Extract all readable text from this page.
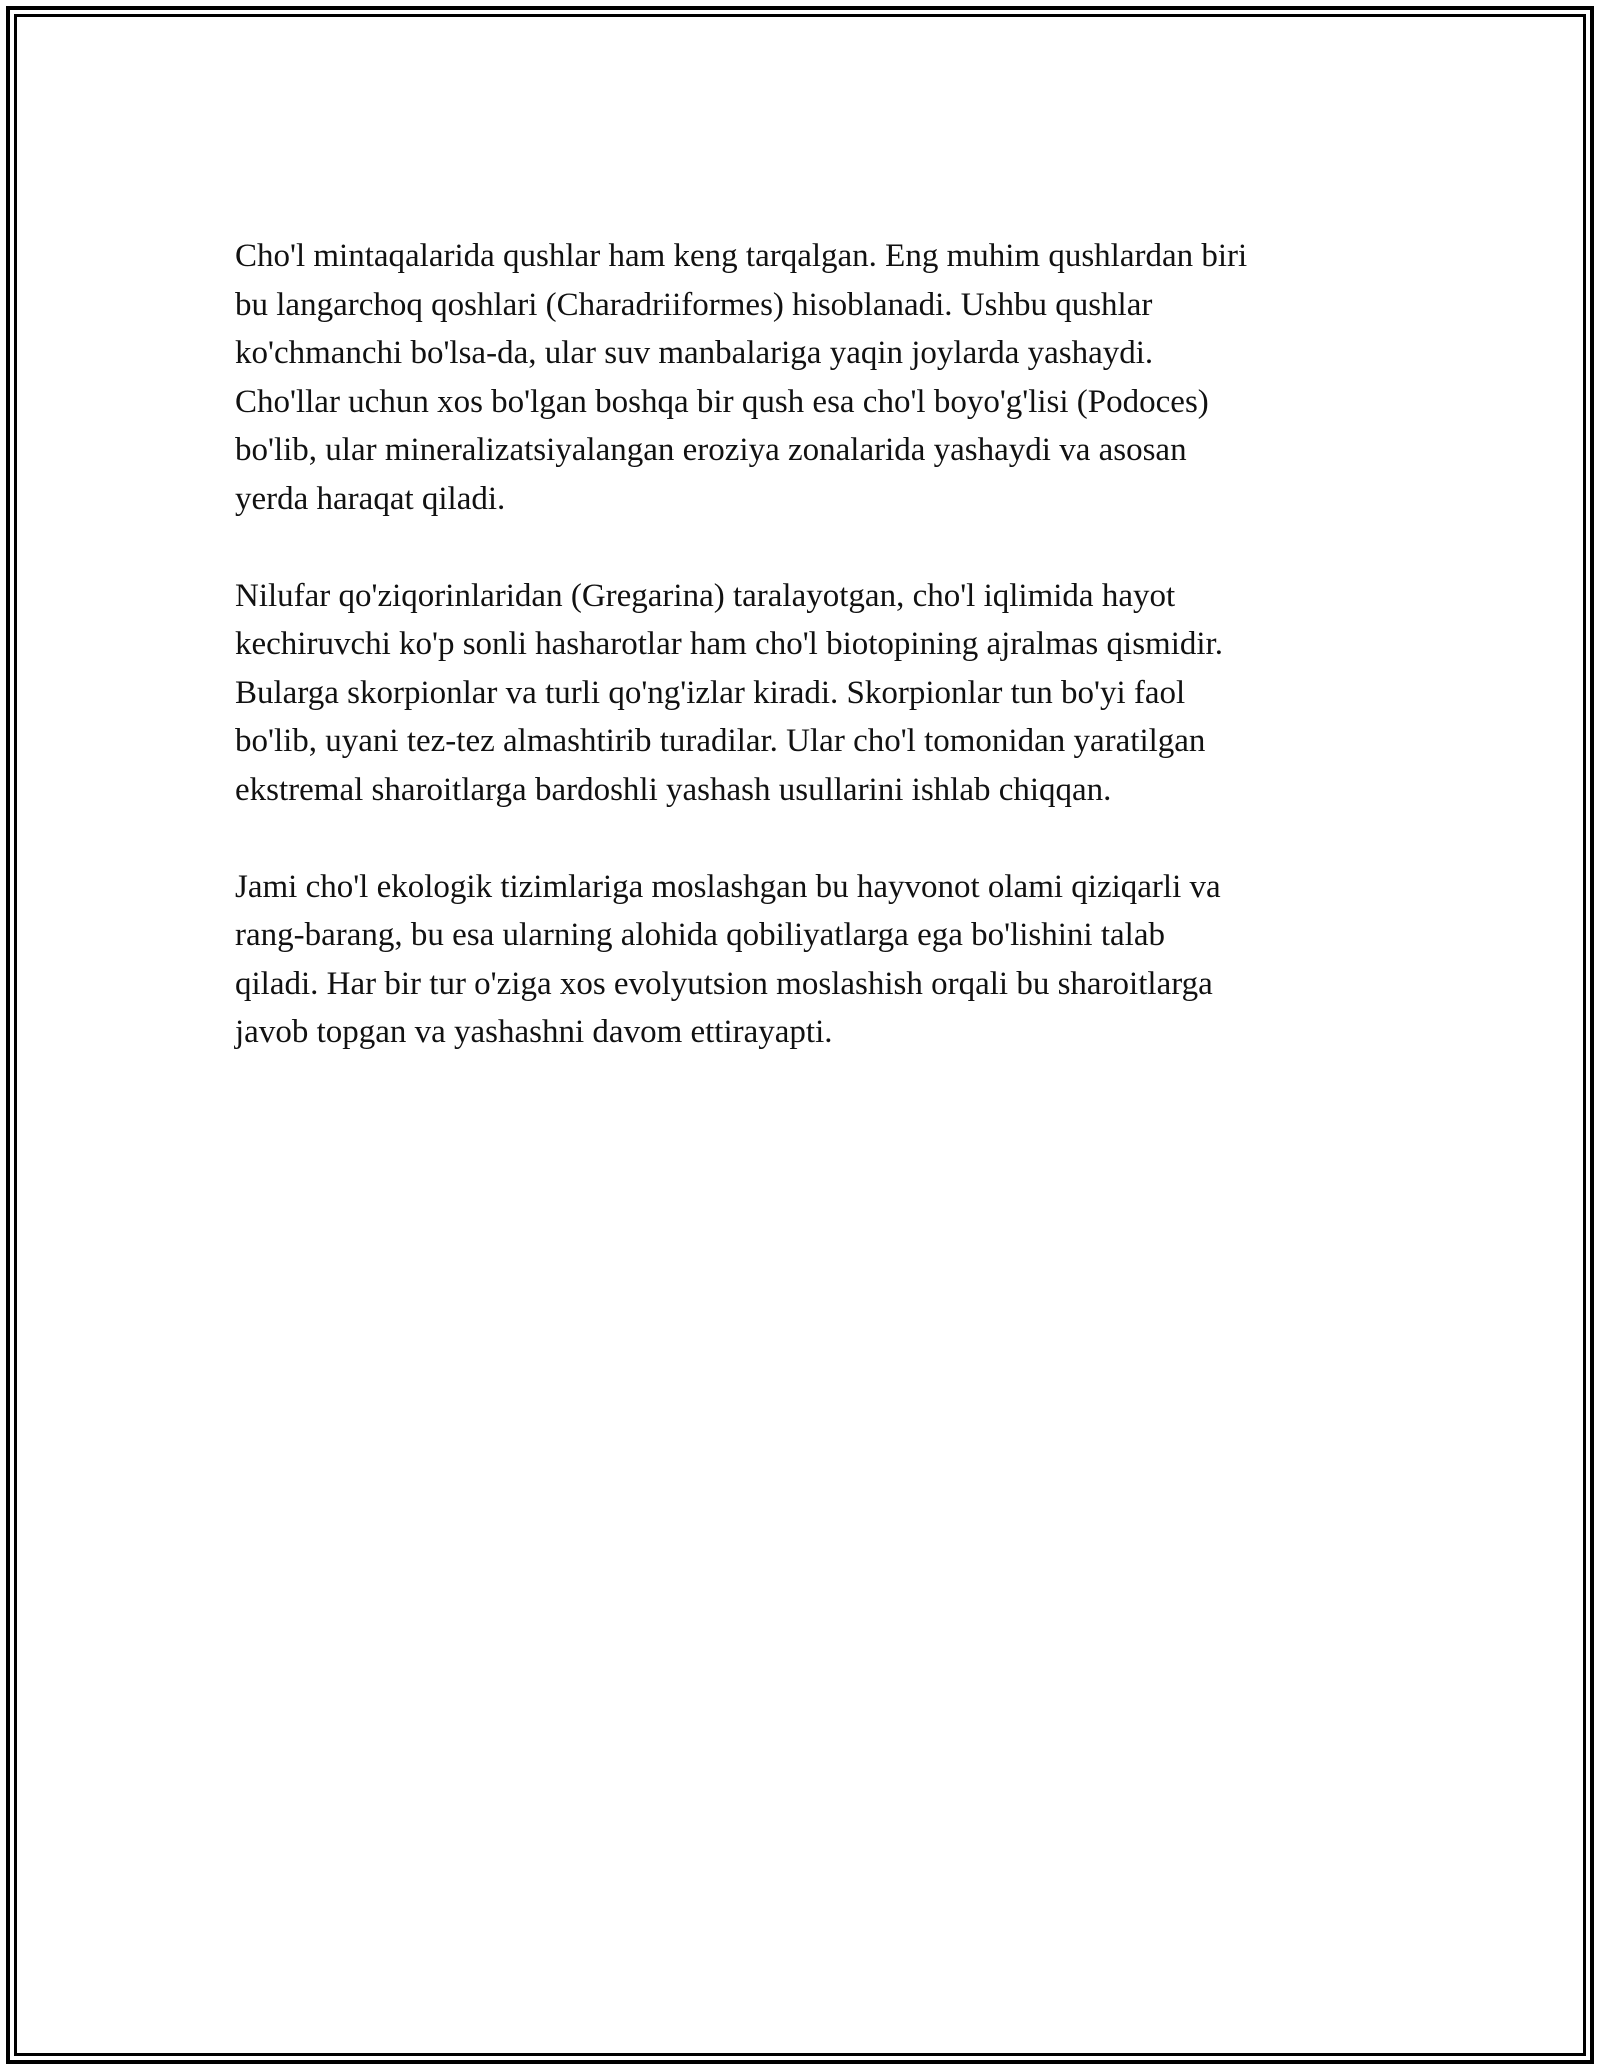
Cho'l mintaqalarida qushlar ham keng tarqalgan. Eng muhim qushlardan biri
bu langarchoq qoshlari (Charadriiformes) hisoblanadi. Ushbu qushlar
ko'chmanchi bo'lsa-da, ular suv manbalariga yaqin joylarda yashaydi.
Cho'llar uchun xos bo'lgan boshqa bir qush esa cho'l boyo'g'lisi (Podoces)
bo'lib, ular mineralizatsiyalangan eroziya zonalarida yashaydi va asosan
yerda haraqat qiladi.

Nilufar qo'ziqorinlaridan (Gregarina) taralayotgan, cho'l iqlimida hayot
kechiruvchi ko'p sonli hasharotlar ham cho'l biotopining ajralmas qismidir.
Bularga skorpionlar va turli qo'ng'izlar kiradi. Skorpionlar tun bo'yi faol
bo'lib, uyani tez-tez almashtirib turadilar. Ular cho'l tomonidan yaratilgan
ekstremal sharoitlarga bardoshli yashash usullarini ishlab chiqqan.

Jami cho'l ekologik tizimlariga moslashgan bu hayvonot olami qiziqarli va
rang-barang, bu esa ularning alohida qobiliyatlarga ega bo'lishini talab
qiladi. Har bir tur o'ziga xos evolyutsion moslashish orqali bu sharoitlarga
javob topgan va yashashni davom ettirayapti.
